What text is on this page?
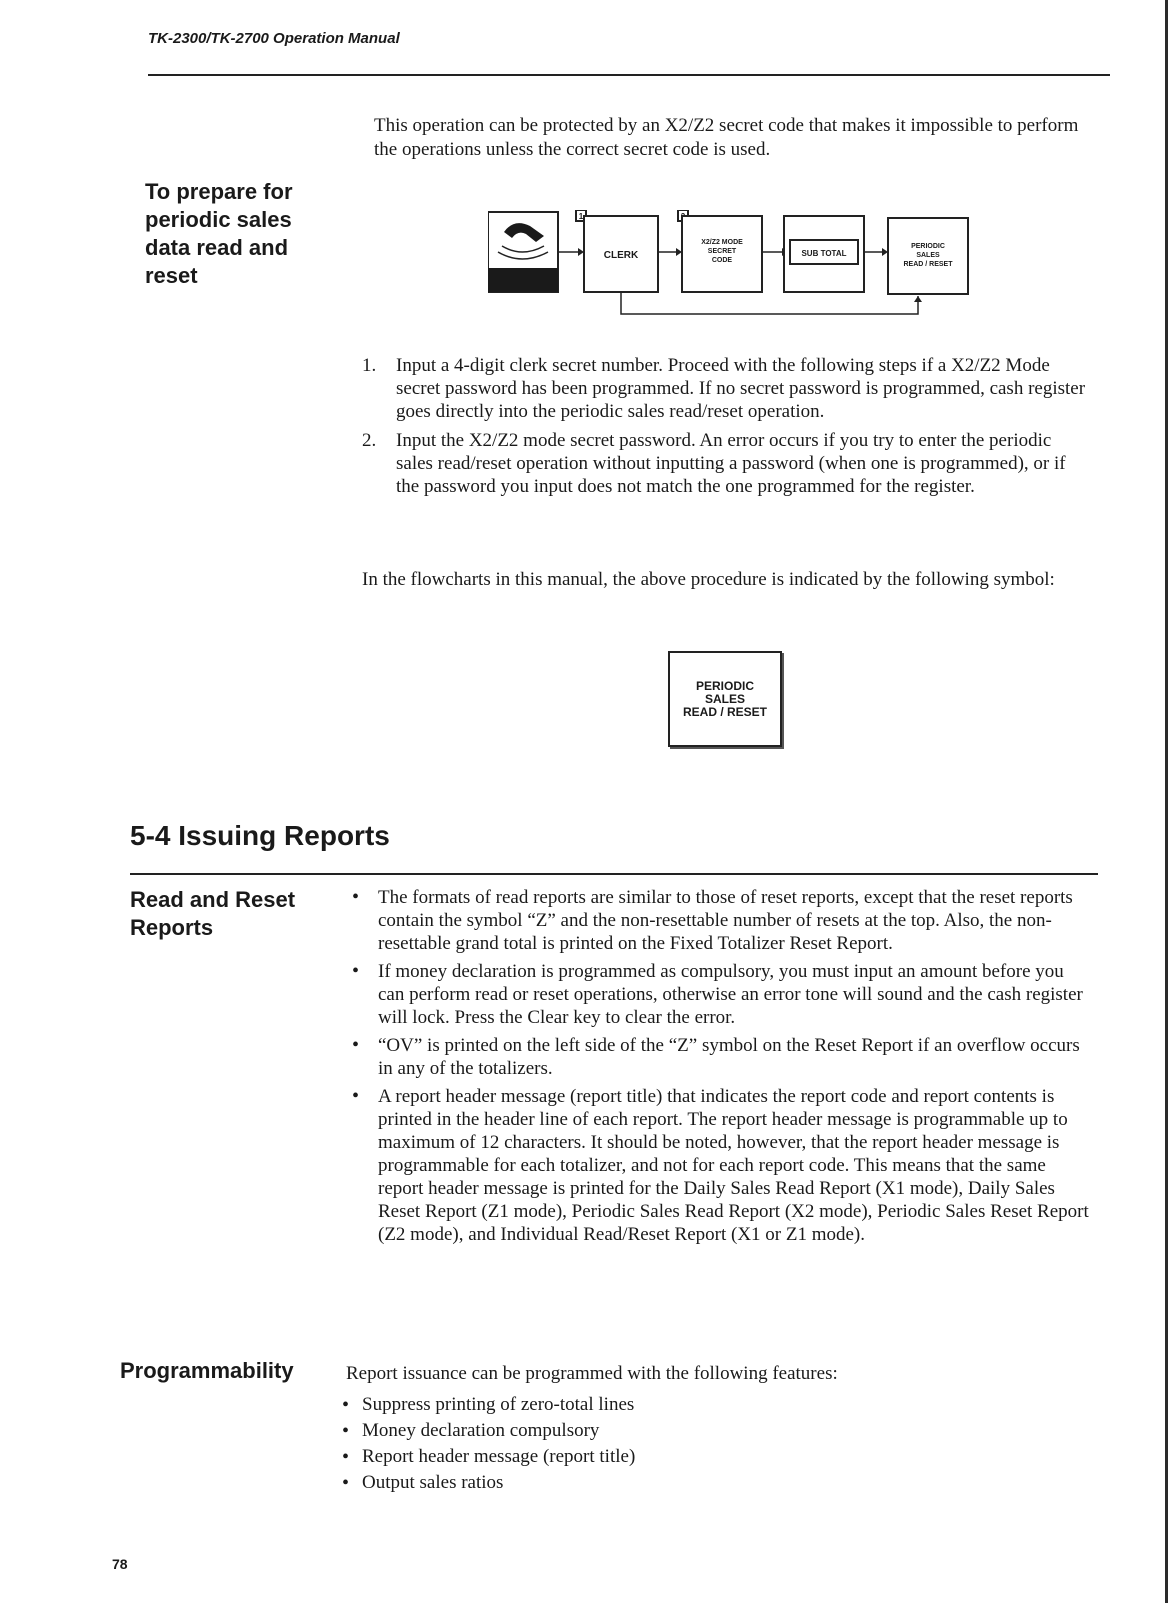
TK-2300/TK-2700 Operation Manual
This operation can be protected by an X2/Z2 secret code that makes it impossible to perform the operations unless the correct secret code is used.
To prepare for periodic sales data read and reset
1
CLERK
X2/Z2 MODE
SECRET
CODE
SUB TOTAL
PERIODIC
SALES
READ / RESET
1. Input a 4-digit clerk secret number. Proceed with the following steps if a X2/Z2 Mode secret password has been programmed. If no secret password is programmed, cash register goes directly into the periodic sales read/reset operation.
2. Input the X2/Z2 mode secret password. An error occurs if you try to enter the periodic sales read/reset operation without inputting a password (when one is programmed), or if the password you input does not match the one programmed for the register.
In the flowcharts in this manual, the above procedure is indicated by the following symbol:
PERIODIC
SALES
READ / RESET
5-4 Issuing Reports
Read and Reset Reports
• The formats of read reports are similar to those of reset reports, except that the reset reports contain the symbol “Z” and the non-resettable number of resets at the top. Also, the non-resettable grand total is printed on the Fixed Totalizer Reset Report.
• If money declaration is programmed as compulsory, you must input an amount before you can perform read or reset operations, otherwise an error tone will sound and the cash register will lock. Press the Clear key to clear the error.
• “OV” is printed on the left side of the “Z” symbol on the Reset Report if an overflow occurs in any of the totalizers.
• A report header message (report title) that indicates the report code and report contents is printed in the header line of each report. The report header message is programmable up to maximum of 12 characters. It should be noted, however, that the report header message is programmable for each totalizer, and not for each report code. This means that the same report header message is printed for the Daily Sales Read Report (X1 mode), Daily Sales Reset Report (Z1 mode), Periodic Sales Read Report (X2 mode), Periodic Sales Reset Report (Z2 mode), and Individual Read/Reset Report (X1 or Z1 mode).
Programmability	Report issuance can be programmed with the following features:
• Suppress printing of zero-total lines
• Money declaration compulsory
• Report header message (report title)
• Output sales ratios
78
